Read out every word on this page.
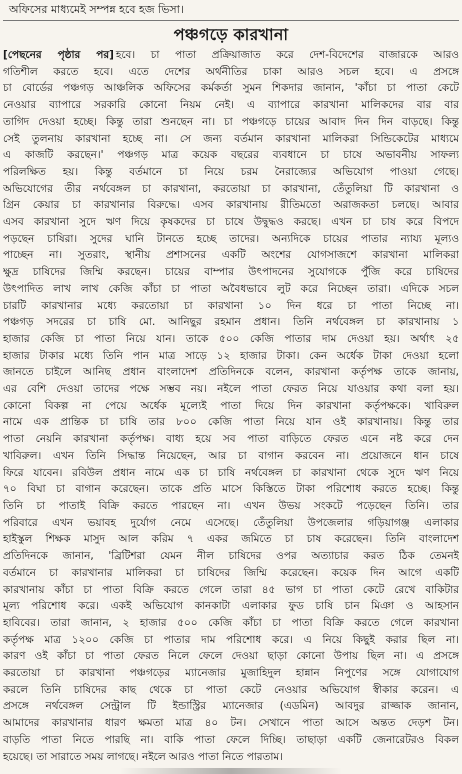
অফিসের মাধ্যমেই সম্পন্ন হবে হজ ভিসা।
পঞ্চগড়ে কারখানা
[পেছনের পৃষ্ঠার পর] হবে। চা পাতা প্রক্রিয়াজাত করে দেশ-বিদেশের বাজারকে আরও
গতিশীল করতে হবে। এতে দেশের অর্থনীতির চাকা আরও সচল হবে। এ প্রসঙ্গে
চা বোর্ডের পঞ্চগড় আঞ্চলিক অফিসের কর্মকর্তা সুমন শিকদার জানান, 'কাঁচা চা পাতা কেটে
নেওয়ার ব্যাপারে সরকারি কোনো নিয়ম নেই। এ ব্যাপারে কারখানা মালিকদের বার বার
তাগিদ দেওয়া হচ্ছে। কিন্তু তারা শুনছেন না। চা পঞ্চগড়ে চায়ের আবাদ দিন দিন বাড়ছে। কিন্তু
সেই তুলনায় কারখানা হচ্ছে না। সে জন্য বর্তমান কারখানা মালিকরা সিন্ডিকেটের মাধ্যমে
এ কাজটি করছেন।' পঞ্চগড় মাত্র কয়েক বছরের ব্যবধানে চা চাষে অভাবনীয় সাফল্য
পরিলক্ষিত হয়। কিন্তু বর্তমানে চা নিয়ে চরম নৈরাজ্যের অভিযোগ পাওয়া গেছে।
অভিযোগের তীর নর্থবেঙ্গল চা কারখানা, করতোয়া চা কারখানা, তেঁতুলিয়া টি কারখানা ও
গ্রিন কেয়ার চা কারখানার বিরুদ্ধে। এসব কারখানায় রীতিমতো অরাজকতা চলছে। আবার
এসব কারখানা সুদে ঋণ দিয়ে কৃষকদের চা চাষে উদ্বুদ্ধও করছে। এখন চা চাষ করে বিপদে
পড়ছেন চাষিরা। সুদের ঘানি টানতে হচ্ছে তাদের। অন্যদিকে চায়ের পাতার ন্যায্য মূল্যও
পাচ্ছেন না। সুতরাং, স্থানীয় প্রশাসনের একটি অংশের যোগসাজশে কারখানা মালিকরা
ক্ষুদ্র চাষিদের জিম্মি করছেন। চায়ের বাম্পার উৎপাদনের সুযোগকে পুঁজি করে চাষিদের
উৎপাদিত লাখ লাখ কেজি কাঁচা চা পাতা অবৈধভাবে লুট করে নিচ্ছেন তারা। এদিকে সচল
চারটি কারখানার মধ্যে করতোয়া চা কারখানা ১০ দিন ধরে চা পাতা নিচ্ছে না।
পঞ্চগড় সদরের চা চাষি মো. আনিছুর রহমান প্রধান। তিনি নর্থবেঙ্গল চা কারখানায় ১
হাজার কেজি চা পাতা নিয়ে যান। তাকে ৫০০ কেজি পাতার দাম দেওয়া হয়। অর্থাৎ ২৫
হাজার টাকার মধ্যে তিনি পান মাত্র সাড়ে ১২ হাজার টাকা। কেন অর্ধেক টাকা দেওয়া হলো
জানতে চাইলে আনিছ প্রধান বাংলাদেশ প্রতিদিনকে বলেন, কারখানা কর্তৃপক্ষ তাকে জানায়,
এর বেশি দেওয়া তাদের পক্ষে সম্ভব নয়। নইলে পাতা ফেরত নিয়ে যাওয়ার কথা বলা হয়।
কোনো বিকল্প না পেয়ে অর্ধেক মূল্যেই পাতা দিয়ে দিন কারখানা কর্তৃপক্ষকে। খাবিরুল
নামে এক প্রান্তিক চা চাষি তার ৮০০ কেজি পাতা নিয়ে যান ওই কারখানায়। কিন্তু তার
পাতা নেয়নি কারখানা কর্তৃপক্ষ। বাধ্য হয়ে সব পাতা বাড়িতে ফেরত এনে নষ্ট করে দেন
খাবিরুল। এখন তিনি সিদ্ধান্ত নিয়েছেন, আর চা বাগান করবেন না। প্রয়োজনে ধান চাষে
ফিরে যাবেন। রবিউল প্রধান নামে এক চা চাষি নর্থবেঙ্গল চা কারখানা থেকে সুদে ঋণ নিয়ে
৭০ বিঘা চা বাগান করেছেন। তাকে প্রতি মাসে কিস্তিতে টাকা পরিশোধ করতে হচ্ছে। কিন্তু
তিনি চা পাতাই বিক্রি করতে পারছেন না। এখন উভয় সংকটে পড়েছেন তিনি। তার
পরিবারে এখন ভয়াবহ দুর্যোগ নেমে এসেছে। তেঁতুলিয়া উপজেলার গড়িয়াগঞ্জ এলাকার
হাইস্কুল শিক্ষক মাসুদ আল করিম ৭ একর জমিতে চা চাষ করেছেন। তিনি বাংলাদেশ
প্রতিদিনকে জানান, 'ব্রিটিশরা যেমন নীল চাষিদের ওপর অত্যাচার করত ঠিক তেমনই
বর্তমানে চা কারখানার মালিকরা চা চাষিদের জিম্মি করেছেন। কয়েক দিন আগে একটি
কারখানায় কাঁচা চা পাতা বিক্রি করতে গেলে তারা ৪৫ ভাগ চা পাতা কেটে রেখে বাকিটার
মূল্য পরিশোধ করে। একই অভিযোগ কানকাটা এলাকার ফুড চাষি চান মিঞা ও আহসান
হাবিবের। তারা জানান, ২ হাজার ৫০০ কেজি কাঁচা চা পাতা বিক্রি করতে গেলে কারখানা
কর্তৃপক্ষ মাত্র ১২০০ কেজি চা পাতার দাম পরিশোধ করে। এ নিয়ে কিছুই করার ছিল না।
কারণ ওই কাঁচা চা পাতা ফেরত নিলে ফেলে দেওয়া ছাড়া কোনো উপায় ছিল না। এ প্রসঙ্গে
করতোয়া চা কারখানা পঞ্চগড়ের ম্যানেজার মুজাহিদুল হান্নান নিপুণের সঙ্গে যোগাযোগ
করলে তিনি চাষিদের কাছ থেকে চা পাতা কেটে নেওয়ার অভিযোগ স্বীকার করেন। এ
প্রসঙ্গে নর্থবেঙ্গল সেন্ট্রাল টি ইন্ডাস্ট্রির ম্যানেজার (এডমিন) আবদুর রাজ্জাক জানান,
আমাদের কারখানার ধারণ ক্ষমতা মাত্র ৪০ টন। সেখানে পাতা আসে অন্তত দেড়শ টন।
বাড়তি পাতা নিতে পারছি না। বাকি পাতা ফেলে দিচ্ছি। তাছাড়া একটি জেনারেটরও বিকল
হয়েছে। তা সারাতে সময় লাগছে। নইলে আরও পাতা নিতে পারতাম।
